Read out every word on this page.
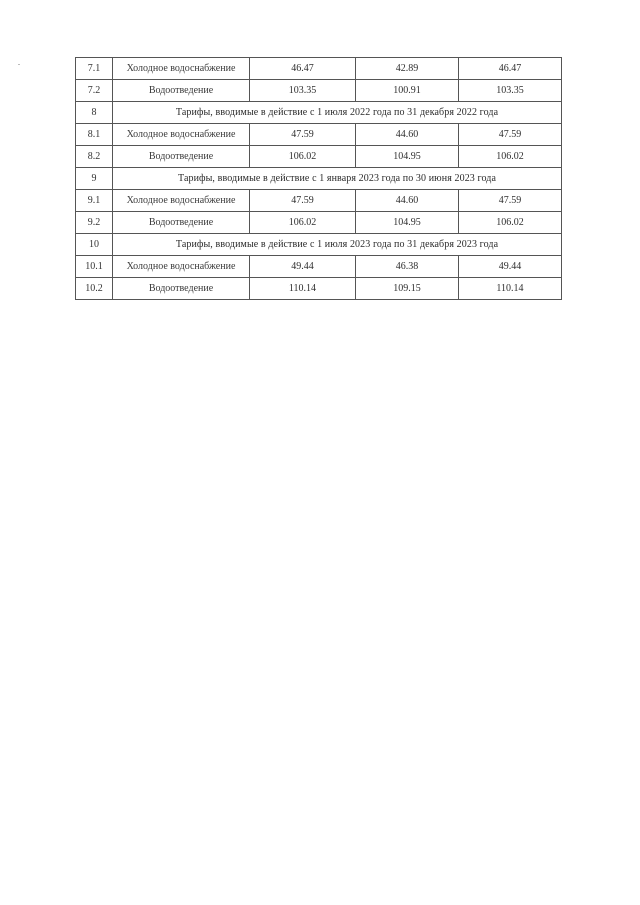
7.1	Холодное водоснабжение	46.47	42.89	46.47
7.2	Водоотведение	103.35	100.91	103.35
8	Тарифы, вводимые в действие с 1 июля 2022 года по 31 декабря 2022 года			
8.1	Холодное водоснабжение	47.59	44.60	47.59
8.2	Водоотведение	106.02	104.95	106.02
9	Тарифы, вводимые в действие с 1 января 2023 года по 30 июня 2023 года			
9.1	Холодное водоснабжение	47.59	44.60	47.59
9.2	Водоотведение	106.02	104.95	106.02
10	Тарифы, вводимые в действие с 1 июля 2023 года по 31 декабря 2023 года			
10.1	Холодное водоснабжение	49.44	46.38	49.44
10.2	Водоотведение	110.14	109.15	110.14
